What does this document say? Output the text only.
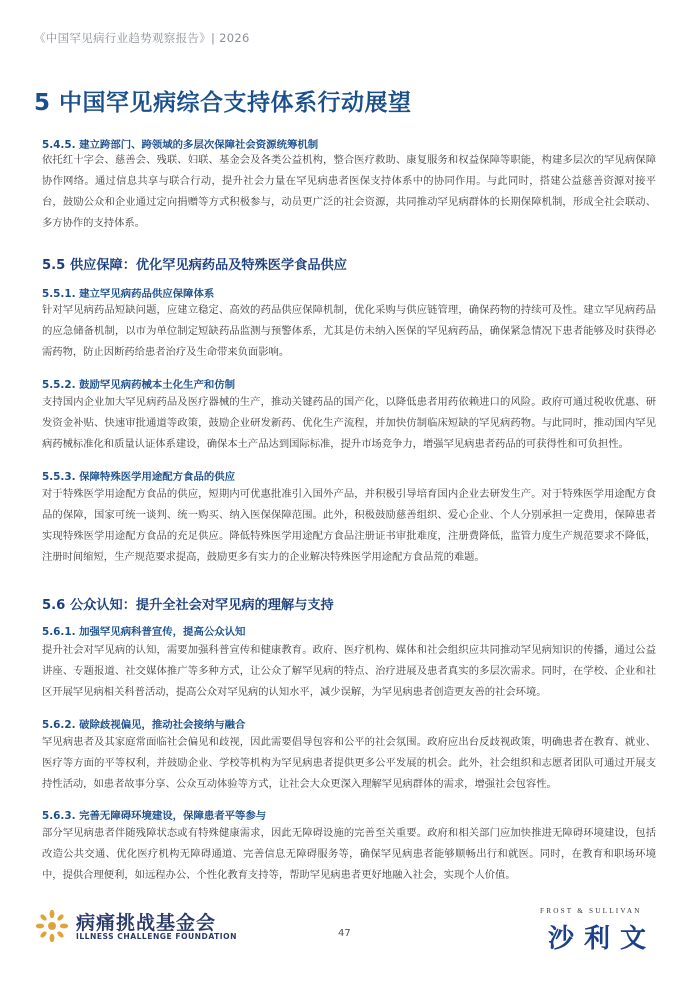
《中国罕见病行业趋势观察报告》| 2026
5 中国罕见病综合支持体系行动展望
5.4.5. 建立跨部门、跨领域的多层次保障社会资源统筹机制
依托红十字会、慈善会、残联、妇联、基金会及各类公益机构，整合医疗救助、康复服务和权益保障等职能，构建多层次的罕见病保障协作网络。通过信息共享与联合行动，提升社会力量在罕见病患者医保支持体系中的协同作用。与此同时，搭建公益慈善资源对接平台，鼓励公众和企业通过定向捐赠等方式积极参与，动员更广泛的社会资源，共同推动罕见病群体的长期保障机制，形成全社会联动、多方协作的支持体系。
5.5 供应保障：优化罕见病药品及特殊医学食品供应
5.5.1. 建立罕见病药品供应保障体系
针对罕见病药品短缺问题，应建立稳定、高效的药品供应保障机制，优化采购与供应链管理，确保药物的持续可及性。建立罕见病药品的应急储备机制，以市为单位制定短缺药品监测与预警体系，尤其是仿未纳入医保的罕见病药品，确保紧急情况下患者能够及时获得必需药物，防止因断药给患者治疗及生命带来负面影响。
5.5.2. 鼓励罕见病药械本土化生产和仿制
支持国内企业加大罕见病药品及医疗器械的生产，推动关键药品的国产化，以降低患者用药依赖进口的风险。政府可通过税收优惠、研发资金补贴、快速审批通道等政策，鼓励企业研发新药、优化生产流程，并加快仿制临床短缺的罕见病药物。与此同时，推动国内罕见病药械标准化和质量认证体系建设，确保本土产品达到国际标准，提升市场竞争力，增强罕见病患者药品的可获得性和可负担性。
5.5.3. 保障特殊医学用途配方食品的供应
对于特殊医学用途配方食品的供应，短期内可优惠批准引入国外产品，并积极引导培育国内企业去研发生产。对于特殊医学用途配方食品的保障，国家可统一谈判、统一购买、纳入医保保障范围。此外，积极鼓励慈善组织、爱心企业、个人分别承担一定费用，保障患者实现特殊医学用途配方食品的充足供应。降低特殊医学用途配方食品注册证书审批难度，注册费降低，监管力度生产规范要求不降低，注册时间缩短，生产规范要求提高，鼓励更多有实力的企业解决特殊医学用途配方食品荒的难题。
5.6 公众认知：提升全社会对罕见病的理解与支持
5.6.1. 加强罕见病科普宣传，提高公众认知
提升社会对罕见病的认知，需要加强科普宣传和健康教育。政府、医疗机构、媒体和社会组织应共同推动罕见病知识的传播，通过公益讲座、专题报道、社交媒体推广等多种方式，让公众了解罕见病的特点、治疗进展及患者真实的多层次需求。同时，在学校、企业和社区开展罕见病相关科普活动，提高公众对罕见病的认知水平，减少误解，为罕见病患者创造更友善的社会环境。
5.6.2. 破除歧视偏见，推动社会接纳与融合
罕见病患者及其家庭常面临社会偏见和歧视，因此需要倡导包容和公平的社会氛围。政府应出台反歧视政策，明确患者在教育、就业、医疗等方面的平等权利，并鼓励企业、学校等机构为罕见病患者提供更多公平发展的机会。此外，社会组织和志愿者团队可通过开展支持性活动，如患者故事分享、公众互动体验等方式，让社会大众更深入理解罕见病群体的需求，增强社会包容性。
5.6.3. 完善无障碍环境建设，保障患者平等参与
部分罕见病患者伴随残障状态或有特殊健康需求，因此无障碍设施的完善至关重要。政府和相关部门应加快推进无障碍环境建设，包括改造公共交通、优化医疗机构无障碍通道、完善信息无障碍服务等，确保罕见病患者能够顺畅出行和就医。同时，在教育和职场环境中，提供合理便利，如远程办公、个性化教育支持等，帮助罕见病患者更好地融入社会，实现个人价值。
病痛挑战基金会
ILLNESS CHALLENGE FOUNDATION	47
FROST & SULLIVAN
沙利文
